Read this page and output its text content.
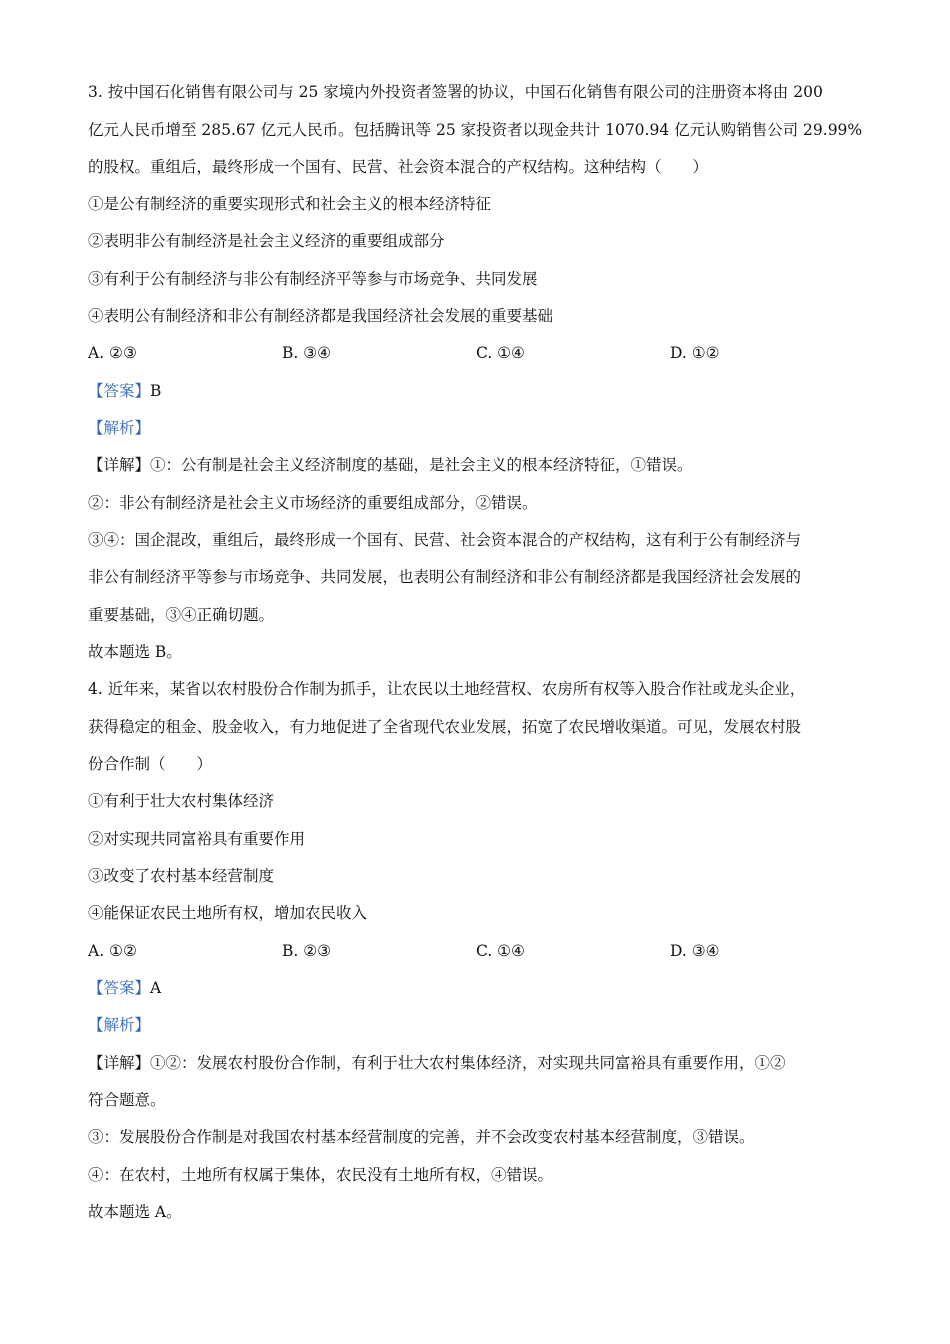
3. 按中国石化销售有限公司与 25 家境内外投资者签署的协议，中国石化销售有限公司的注册资本将由 200
亿元人民币增至 285.67 亿元人民币。包括腾讯等 25 家投资者以现金共计 1070.94 亿元认购销售公司 29.99%
的股权。重组后，最终形成一个国有、民营、社会资本混合的产权结构。这种结构（　　）
①是公有制经济的重要实现形式和社会主义的根本经济特征
②表明非公有制经济是社会主义经济的重要组成部分
③有利于公有制经济与非公有制经济平等参与市场竞争、共同发展
④表明公有制经济和非公有制经济都是我国经济社会发展的重要基础
A. ②③	B. ③④	C. ①④	D. ①②
【答案】B
【解析】
【详解】①：公有制是社会主义经济制度的基础，是社会主义的根本经济特征，①错误。
②：非公有制经济是社会主义市场经济的重要组成部分，②错误。
③④：国企混改，重组后，最终形成一个国有、民营、社会资本混合的产权结构，这有利于公有制经济与
非公有制经济平等参与市场竞争、共同发展，也表明公有制经济和非公有制经济都是我国经济社会发展的
重要基础，③④正确切题。
故本题选 B。
4. 近年来，某省以农村股份合作制为抓手，让农民以土地经营权、农房所有权等入股合作社或龙头企业，
获得稳定的租金、股金收入，有力地促进了全省现代农业发展，拓宽了农民增收渠道。可见，发展农村股
份合作制（　　）
①有利于壮大农村集体经济
②对实现共同富裕具有重要作用
③改变了农村基本经营制度
④能保证农民土地所有权，增加农民收入
A. ①②	B. ②③	C. ①④	D. ③④
【答案】A
【解析】
【详解】①②：发展农村股份合作制，有利于壮大农村集体经济，对实现共同富裕具有重要作用，①②
符合题意。
③：发展股份合作制是对我国农村基本经营制度的完善，并不会改变农村基本经营制度，③错误。
④：在农村，土地所有权属于集体，农民没有土地所有权，④错误。
故本题选 A。
